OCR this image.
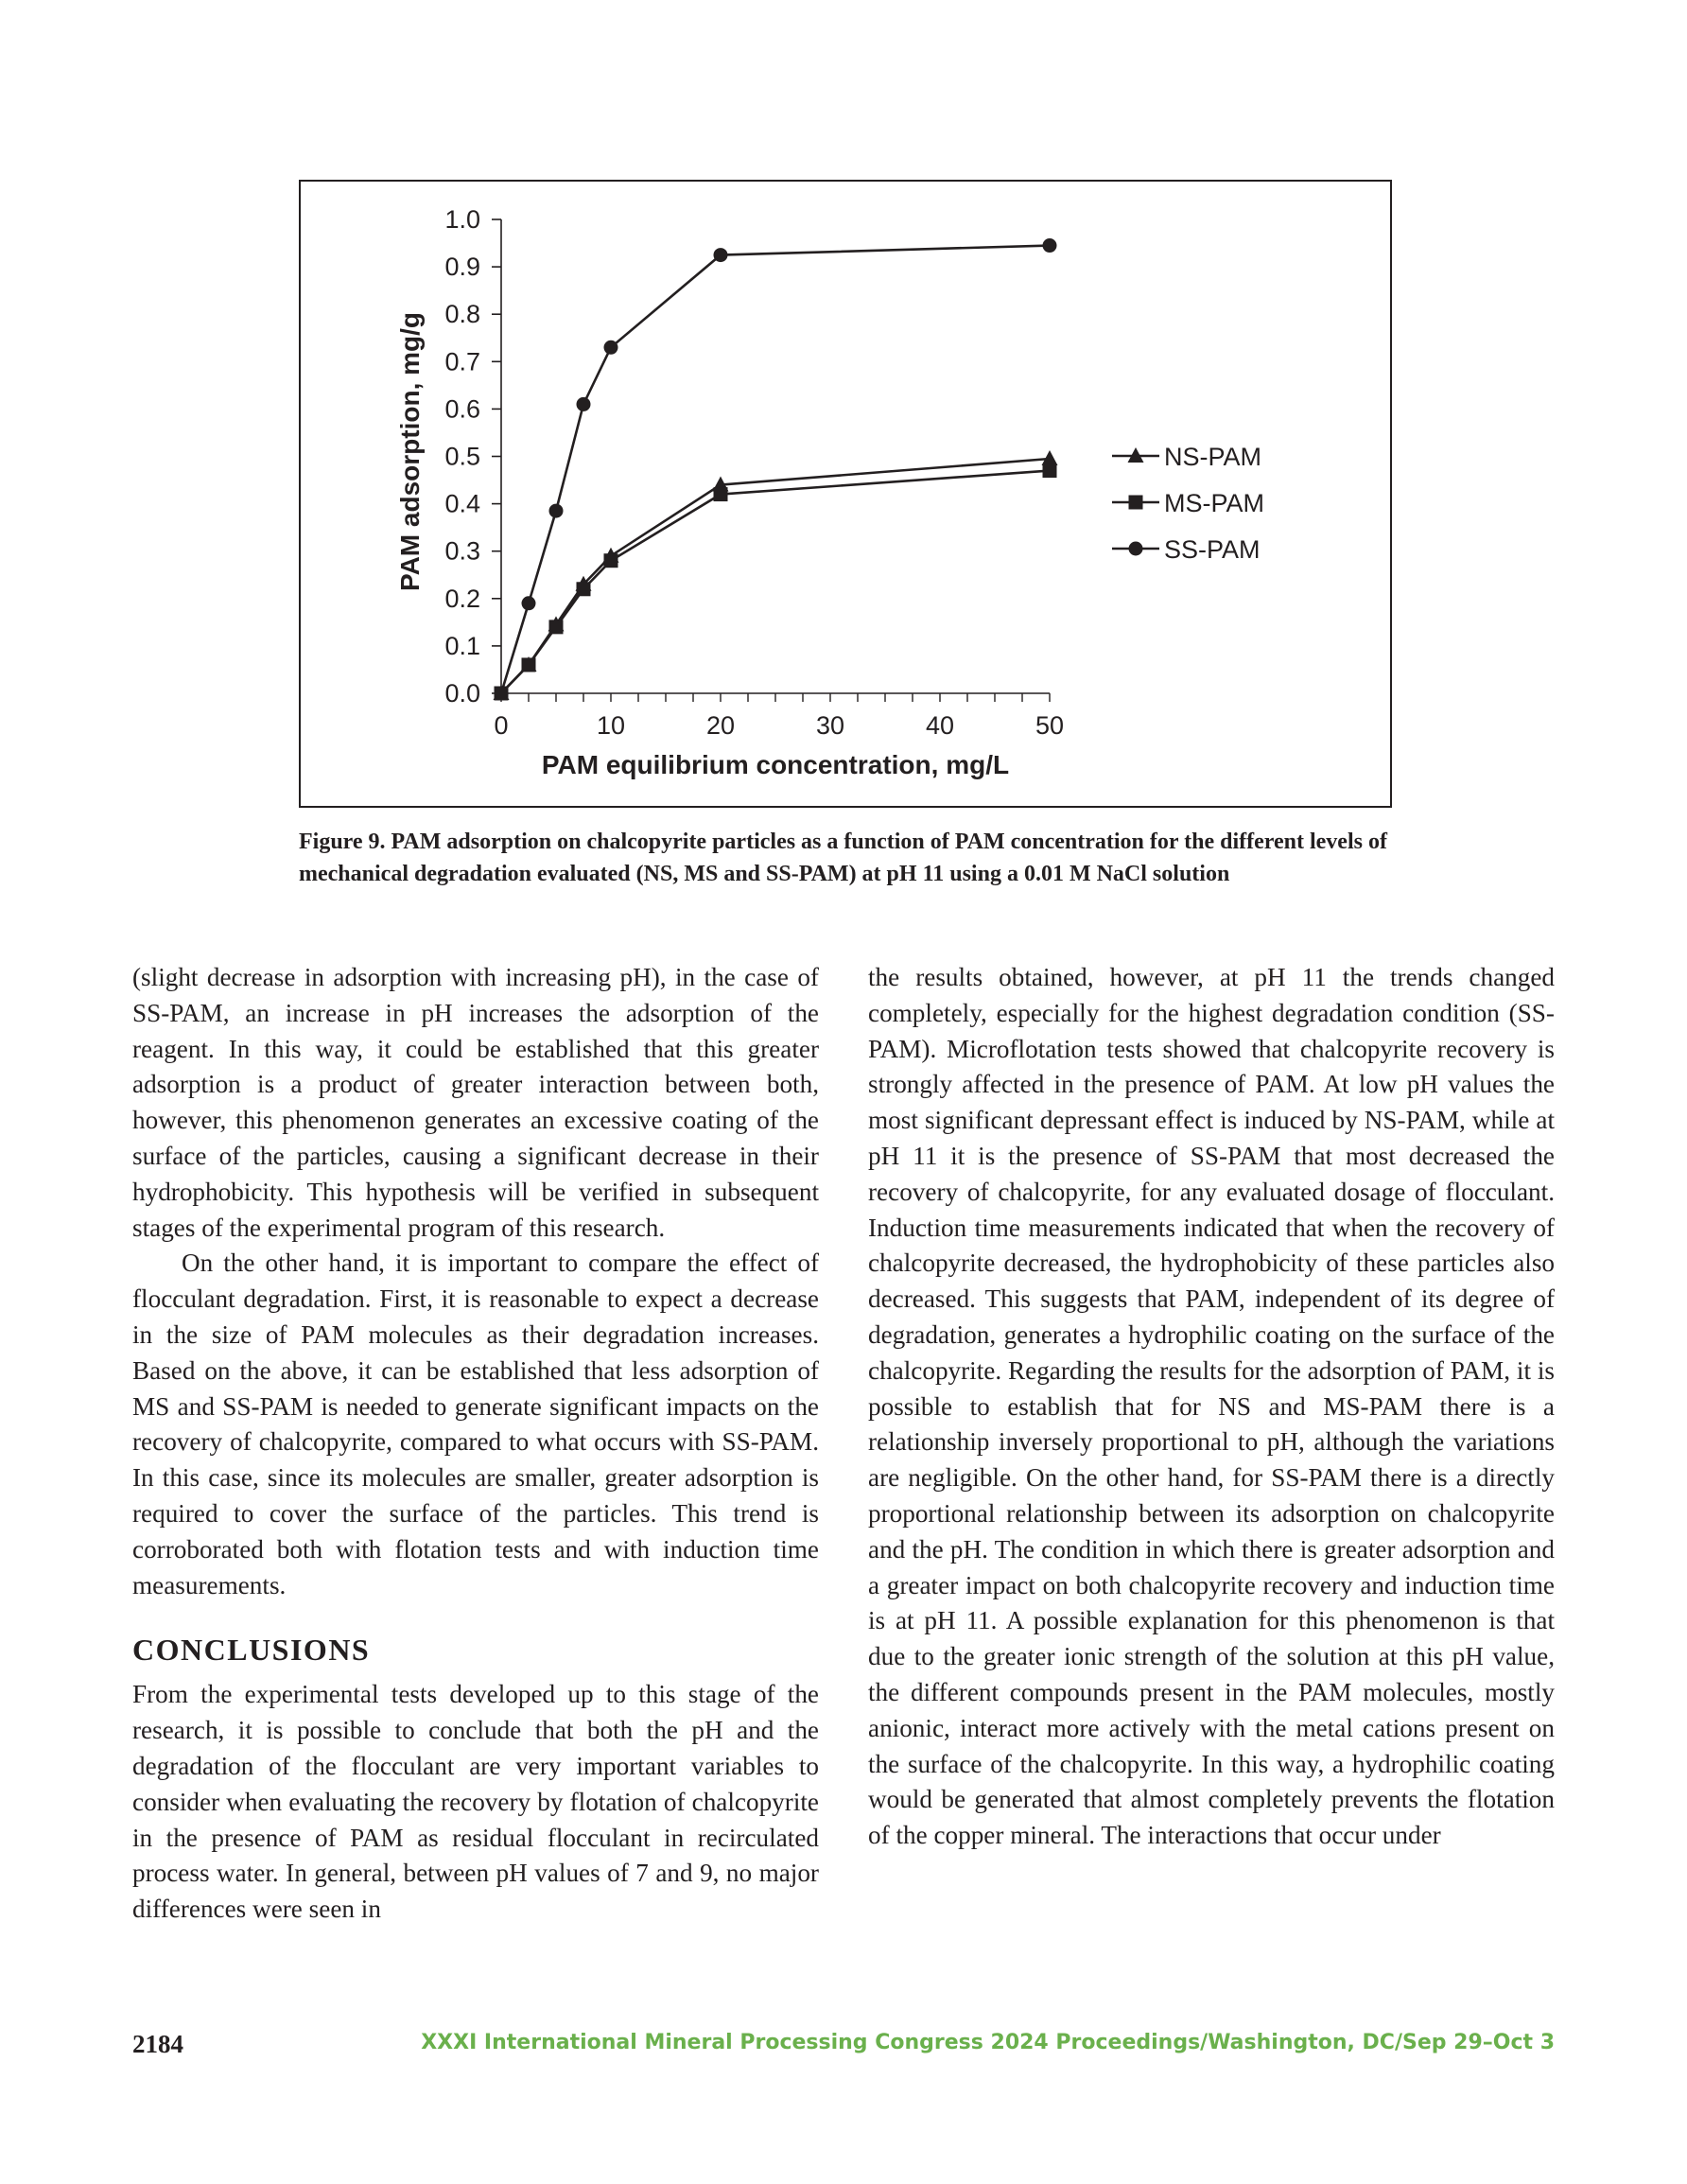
0.0
0.1
0.2
0.3
0.4
0.5
0.6
0.7
0.8
0.9
1.0
0	10	20	30	40	50
NS-PAM
MS-PAM
SS-PAM
PAM equilibrium concentration, mg/L
PAM adsorption, mg/g
Figure 9. PAM adsorption on chalcopyrite particles as a function of PAM concentration for the different levels of mechanical degradation evaluated (NS, MS and SS-PAM) at pH 11 using a 0.01 M NaCl solution

(slight decrease in adsorption with increasing pH), in the case of SS-PAM, an increase in pH increases the adsorption of the reagent. In this way, it could be established that this greater adsorption is a product of greater interaction between both, however, this phenomenon generates an excessive coating of the surface of the particles, causing a significant decrease in their hydrophobicity. This hypothesis will be verified in subsequent stages of the experimental program of this research.

On the other hand, it is important to compare the effect of flocculant degradation. First, it is reasonable to expect a decrease in the size of PAM molecules as their degradation increases. Based on the above, it can be established that less adsorption of MS and SS-PAM is needed to generate significant impacts on the recovery of chalcopyrite, compared to what occurs with SS-PAM. In this case, since its molecules are smaller, greater adsorption is required to cover the surface of the particles. This trend is corroborated both with flotation tests and with induction time measurements.

CONCLUSIONS

From the experimental tests developed up to this stage of the research, it is possible to conclude that both the pH and the degradation of the flocculant are very important variables to consider when evaluating the recovery by flotation of chalcopyrite in the presence of PAM as residual flocculant in recirculated process water. In general, between pH values of 7 and 9, no major differences were seen in

the results obtained, however, at pH 11 the trends changed completely, especially for the highest degradation condition (SS-PAM). Microflotation tests showed that chalcopyrite recovery is strongly affected in the presence of PAM. At low pH values the most significant depressant effect is induced by NS-PAM, while at pH 11 it is the presence of SS-PAM that most decreased the recovery of chalcopyrite, for any evaluated dosage of flocculant. Induction time measurements indicated that when the recovery of chalcopyrite decreased, the hydrophobicity of these particles also decreased. This suggests that PAM, independent of its degree of degradation, generates a hydrophilic coating on the surface of the chalcopyrite. Regarding the results for the adsorption of PAM, it is possible to establish that for NS and MS-PAM there is a relationship inversely proportional to pH, although the variations are negligible. On the other hand, for SS-PAM there is a directly proportional relationship between its adsorption on chalcopyrite and the pH. The condition in which there is greater adsorption and a greater impact on both chalcopyrite recovery and induction time is at pH 11. A possible explanation for this phenomenon is that due to the greater ionic strength of the solution at this pH value, the different compounds present in the PAM molecules, mostly anionic, interact more actively with the metal cations present on the surface of the chalcopyrite. In this way, a hydrophilic coating would be generated that almost completely prevents the flotation of the copper mineral. The interactions that occur under

2184	XXXI International Mineral Processing Congress 2024 Proceedings/Washington, DC/Sep 29–Oct 3
